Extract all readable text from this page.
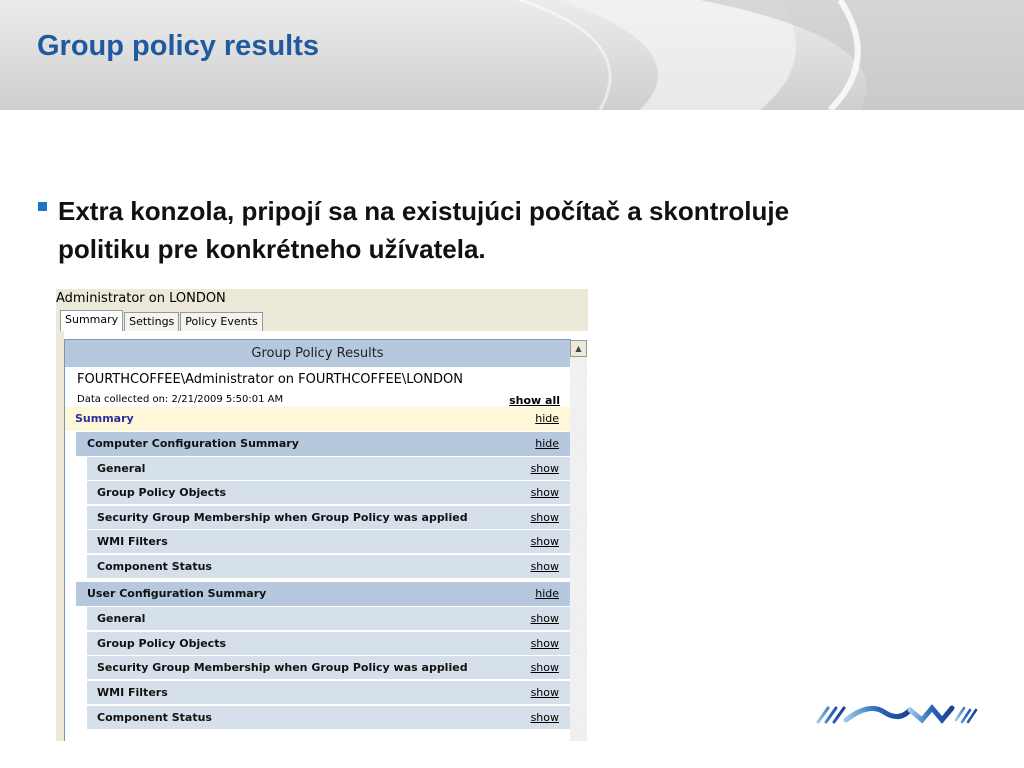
Group policy results
Extra konzola, pripojí sa na existujúci počítač a skontroluje politiku pre konkrétneho užívatela.
Administrator on LONDON
Summary	Settings	Policy Events
Group Policy Results
FOURTHCOFFEE\Administrator on FOURTHCOFFEE\LONDON
Data collected on: 2/21/2009 5:50:01 AM	show all
Summary	hide
Computer Configuration Summary	hide
General	show
Group Policy Objects	show
Security Group Membership when Group Policy was applied	show
WMI Filters	show
Component Status	show
User Configuration Summary	hide
General	show
Group Policy Objects	show
Security Group Membership when Group Policy was applied	show
WMI Filters	show
Component Status	show
▲
